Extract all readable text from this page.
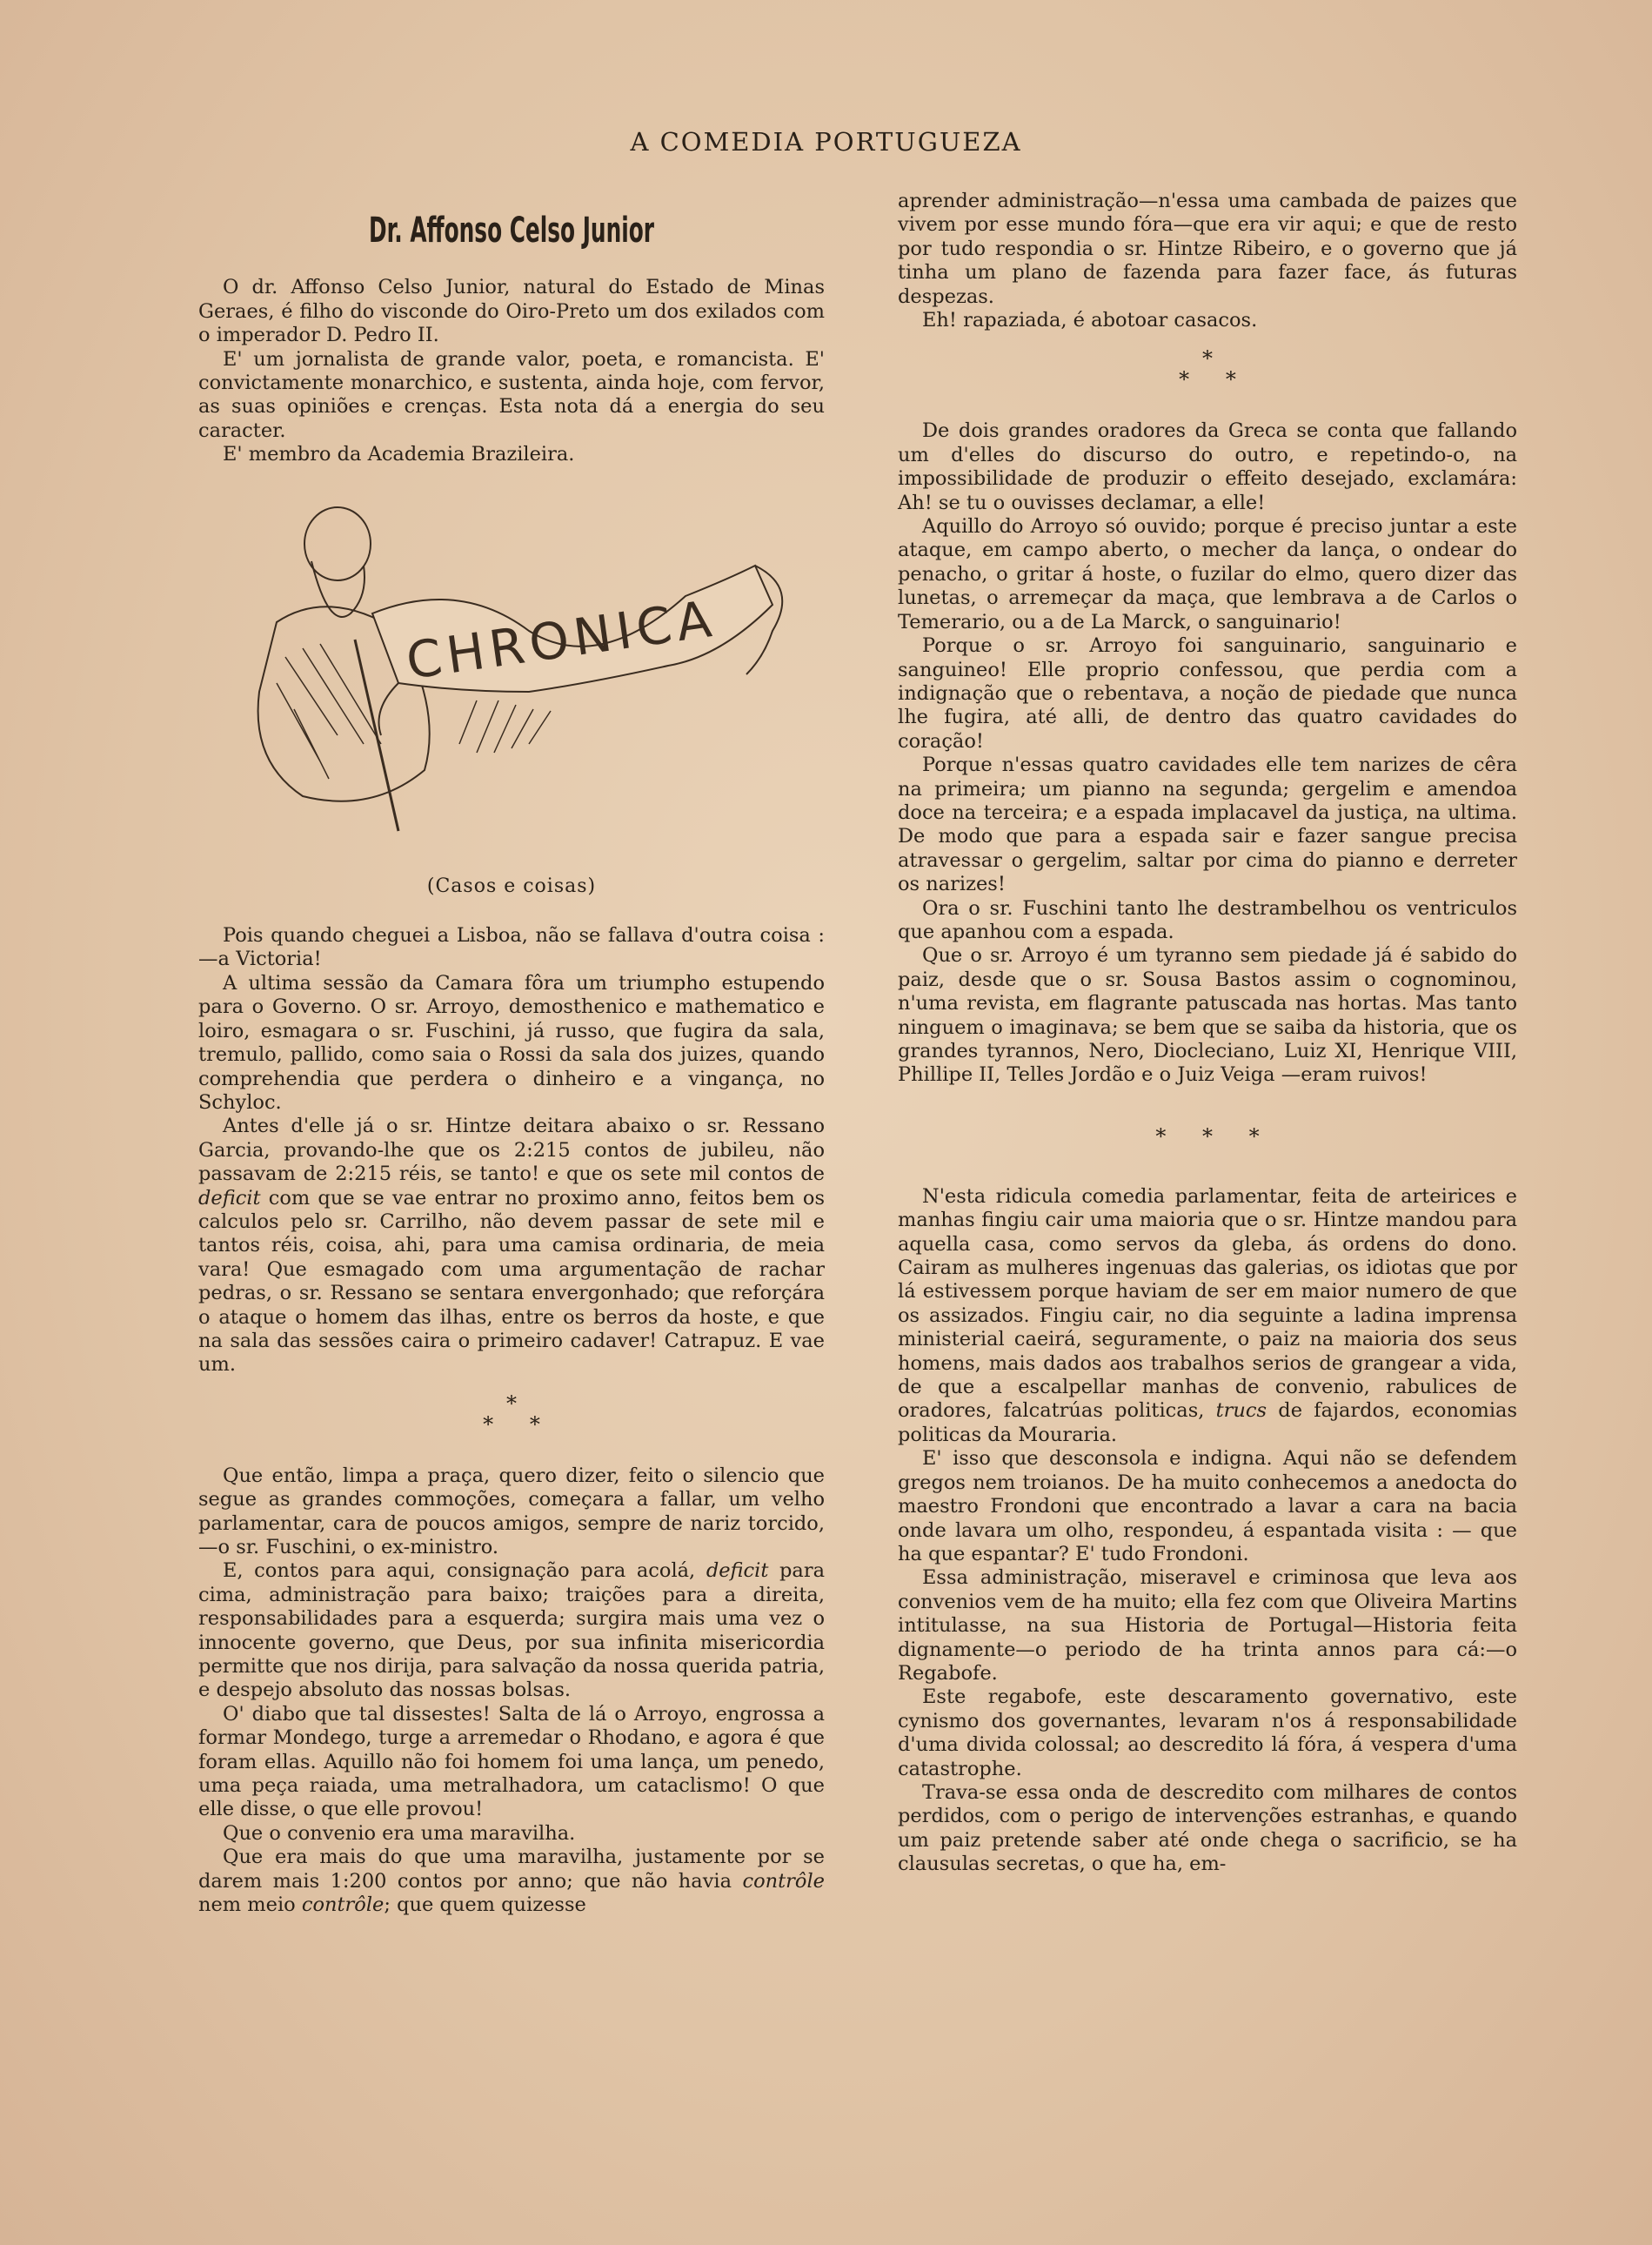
A COMEDIA PORTUGUEZA
Dr. Affonso Celso Junior

O dr. Affonso Celso Junior, natural do Estado de Minas Geraes, é filho do visconde do Oiro-Preto um dos exilados com o imperador D. Pedro II.

E' um jornalista de grande valor, poeta, e romancista. E' convictamente monarchico, e sustenta, ainda hoje, com fervor, as suas opiniões e crenças. Esta nota dá a energia do seu caracter.

E' membro da Academia Brazileira.

CHRONICA
(Casos e coisas)

Pois quando cheguei a Lisboa, não se fallava d'outra coisa :—a Victoria!

A ultima sessão da Camara fôra um triumpho estupendo para o Governo. O sr. Arroyo, demosthenico e mathematico e loiro, esmagara o sr. Fuschini, já russo, que fugira da sala, tremulo, pallido, como saia o Rossi da sala dos juizes, quando comprehendia que perdera o dinheiro e a vingança, no Schyloc.

Antes d'elle já o sr. Hintze deitara abaixo o sr. Ressano Garcia, provando-lhe que os 2:215 contos de jubileu, não passavam de 2:215 réis, se tanto! e que os sete mil contos de deficit com que se vae entrar no proximo anno, feitos bem os calculos pelo sr. Carrilho, não devem passar de sete mil e tantos réis, coisa, ahi, para uma camisa ordinaria, de meia vara! Que esmagado com uma argumentação de rachar pedras, o sr. Ressano se sentara envergonhado; que reforçára o ataque o homem das ilhas, entre os berros da hoste, e que na sala das sessões caira o primeiro cadaver! Catrapuz. E vae um.

*
* *

Que então, limpa a praça, quero dizer, feito o silencio que segue as grandes commoções, começara a fallar, um velho parlamentar, cara de poucos amigos, sempre de nariz torcido,—o sr. Fuschini, o ex-ministro.

E, contos para aqui, consignação para acolá, deficit para cima, administração para baixo; traições para a direita, responsabilidades para a esquerda; surgira mais uma vez o innocente governo, que Deus, por sua infinita misericordia permitte que nos dirija, para salvação da nossa querida patria, e despejo absoluto das nossas bolsas.

O' diabo que tal dissestes! Salta de lá o Arroyo, engrossa a formar Mondego, turge a arremedar o Rhodano, e agora é que foram ellas. Aquillo não foi homem foi uma lança, um penedo, uma peça raiada, uma metralhadora, um cataclismo! O que elle disse, o que elle provou!

Que o convenio era uma maravilha.

Que era mais do que uma maravilha, justamente por se darem mais 1:200 contos por anno; que não havia contrôle nem meio contrôle; que quem quizesse

aprender administração—n'essa uma cambada de paizes que vivem por esse mundo fóra—que era vir aqui; e que de resto por tudo respondia o sr. Hintze Ribeiro, e o governo que já tinha um plano de fazenda para fazer face, ás futuras despezas.

Eh! rapaziada, é abotoar casacos.

*
* *

De dois grandes oradores da Greca se conta que fallando um d'elles do discurso do outro, e repetindo-o, na impossibilidade de produzir o effeito desejado, exclamára: Ah! se tu o ouvisses declamar, a elle!

Aquillo do Arroyo só ouvido; porque é preciso juntar a este ataque, em campo aberto, o mecher da lança, o ondear do penacho, o gritar á hoste, o fuzilar do elmo, quero dizer das lunetas, o arremeçar da maça, que lembrava a de Carlos o Temerario, ou a de La Marck, o sanguinario!

Porque o sr. Arroyo foi sanguinario, sanguinario e sanguineo! Elle proprio confessou, que perdia com a indignação que o rebentava, a noção de piedade que nunca lhe fugira, até alli, de dentro das quatro cavidades do coração!

Porque n'essas quatro cavidades elle tem narizes de cêra na primeira; um pianno na segunda; gergelim e amendoa doce na terceira; e a espada implacavel da justiça, na ultima. De modo que para a espada sair e fazer sangue precisa atravessar o gergelim, saltar por cima do pianno e derreter os narizes!

Ora o sr. Fuschini tanto lhe destrambelhou os ventriculos que apanhou com a espada.

Que o sr. Arroyo é um tyranno sem piedade já é sabido do paiz, desde que o sr. Sousa Bastos assim o cognominou, n'uma revista, em flagrante patuscada nas hortas. Mas tanto ninguem o imaginava; se bem que se saiba da historia, que os grandes tyrannos, Nero, Diocleciano, Luiz XI, Henrique VIII, Phillipe II, Telles Jordão e o Juiz Veiga —eram ruivos!

* * *

N'esta ridicula comedia parlamentar, feita de arteirices e manhas fingiu cair uma maioria que o sr. Hintze mandou para aquella casa, como servos da gleba, ás ordens do dono. Cairam as mulheres ingenuas das galerias, os idiotas que por lá estivessem porque haviam de ser em maior numero de que os assizados. Fingiu cair, no dia seguinte a ladina imprensa ministerial caeirá, seguramente, o paiz na maioria dos seus homens, mais dados aos trabalhos serios de grangear a vida, de que a escalpellar manhas de convenio, rabulices de oradores, falcatrúas politicas, trucs de fajardos, economias politicas da Mouraria.

E' isso que desconsola e indigna. Aqui não se defendem gregos nem troianos. De ha muito conhecemos a anedocta do maestro Frondoni que encontrado a lavar a cara na bacia onde lavara um olho, respondeu, á espantada visita : — que ha que espantar? E' tudo Frondoni.

Essa administração, miseravel e criminosa que leva aos convenios vem de ha muito; ella fez com que Oliveira Martins intitulasse, na sua Historia de Portugal—Historia feita dignamente—o periodo de ha trinta annos para cá:—o Regabofe.

Este regabofe, este descaramento governativo, este cynismo dos governantes, levaram n'os á responsabilidade d'uma divida colossal; ao descredito lá fóra, á vespera d'uma catastrophe.

Trava-se essa onda de descredito com milhares de contos perdidos, com o perigo de intervenções estranhas, e quando um paiz pretende saber até onde chega o sacrificio, se ha clausulas secretas, o que ha, em-
